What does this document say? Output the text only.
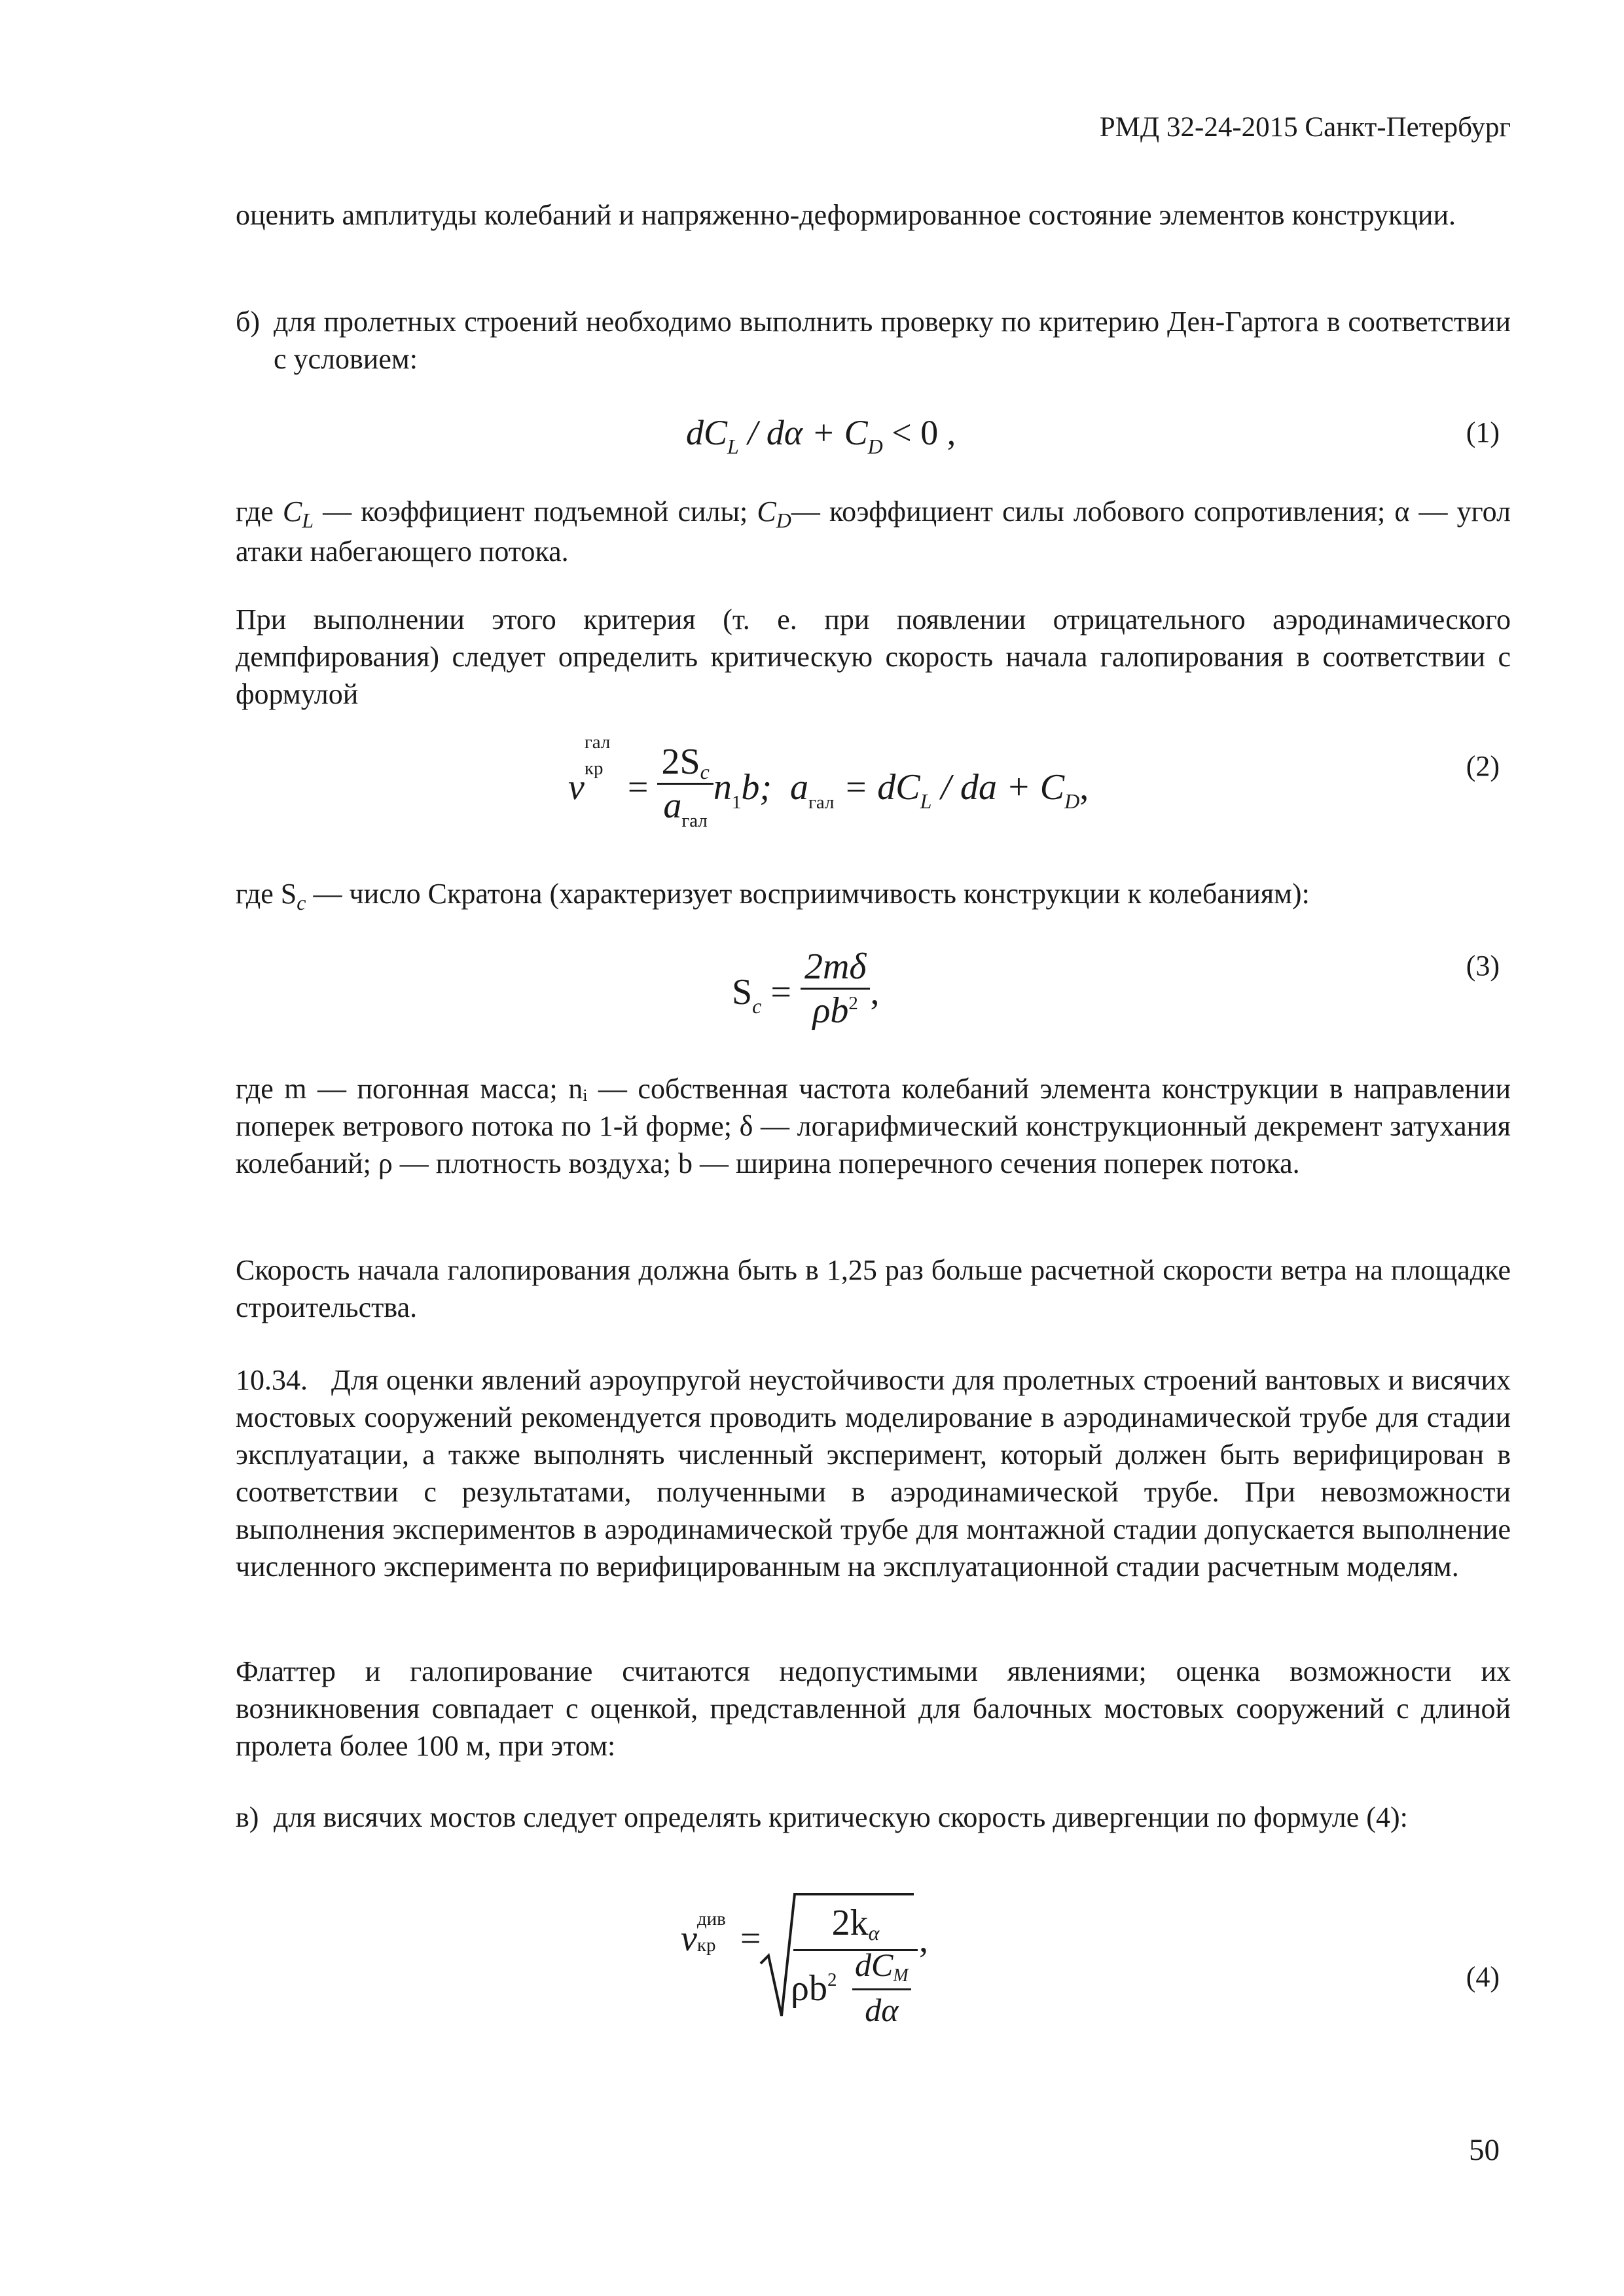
РМД 32-24-2015 Санкт-Петербург
оценить амплитуды колебаний и напряженно-деформированное состояние элементов конструкции.
б) для пролетных строений необходимо выполнить проверку по критерию Ден-Гартога в соответствии с условием:
$dC_L / d\alpha + C_D < 0$ ,	(1)
где $C_L$ — коэффициент подъемной силы; $C_D—$ коэффициент силы лобового сопротивления; α — угол атаки набегающего потока.
При выполнении этого критерия (т. е. при появлении отрицательного аэродинамического демпфирования) следует определить критическую скорость начала галопирования в соответствии с формулой
v
гал
кр = $\frac{2Sc}{a_{гал}} n_1b$; $a_{гал} = dC_L$ / da + $C_D$,
(2)
где $S_c$ — число Скратона (характеризует восприимчивость конструкции к колебаниям):
$S_c = \frac{2m\delta}{\rho b^2}$ ,
(3)
где m — погонная масса; nᵢ — собственная частота колебаний элемента конструкции в направлении поперек ветрового потока по 1-й форме; δ — логарифмический конструкционный декремент затухания колебаний; ρ — плотность воздуха; b — ширина поперечного сечения поперек потока.
Скорость начала галопирования должна быть в 1,25 раз больше расчетной скорости ветра на площадке строительства.
10.34. Для оценки явлений аэроупругой неустойчивости для пролетных строений вантовых и висячих мостовых сооружений рекомендуется проводить моделирование в аэродинамической трубе для стадии эксплуатации, а также выполнять численный эксперимент, который должен быть верифицирован в соответствии с результатами, полученными в аэродинамической трубе. При невозможности выполнения экспериментов в аэродинамической трубе для монтажной стадии допускается выполнение численного эксперимента по верифицированным на эксплуатационной стадии расчетным моделям.
Флаттер и галопирование считаются недопустимыми явлениями; оценка возможности их возникновения совпадает с оценкой, представленной для балочных мостовых сооружений с длиной пролета более 100 м, при этом:
в) для висячих мостов следует определять критическую скорость дивергенции по формуле (4):
v див
кр =	2kα
ρb2 dCM
dα
,
(4)
50
